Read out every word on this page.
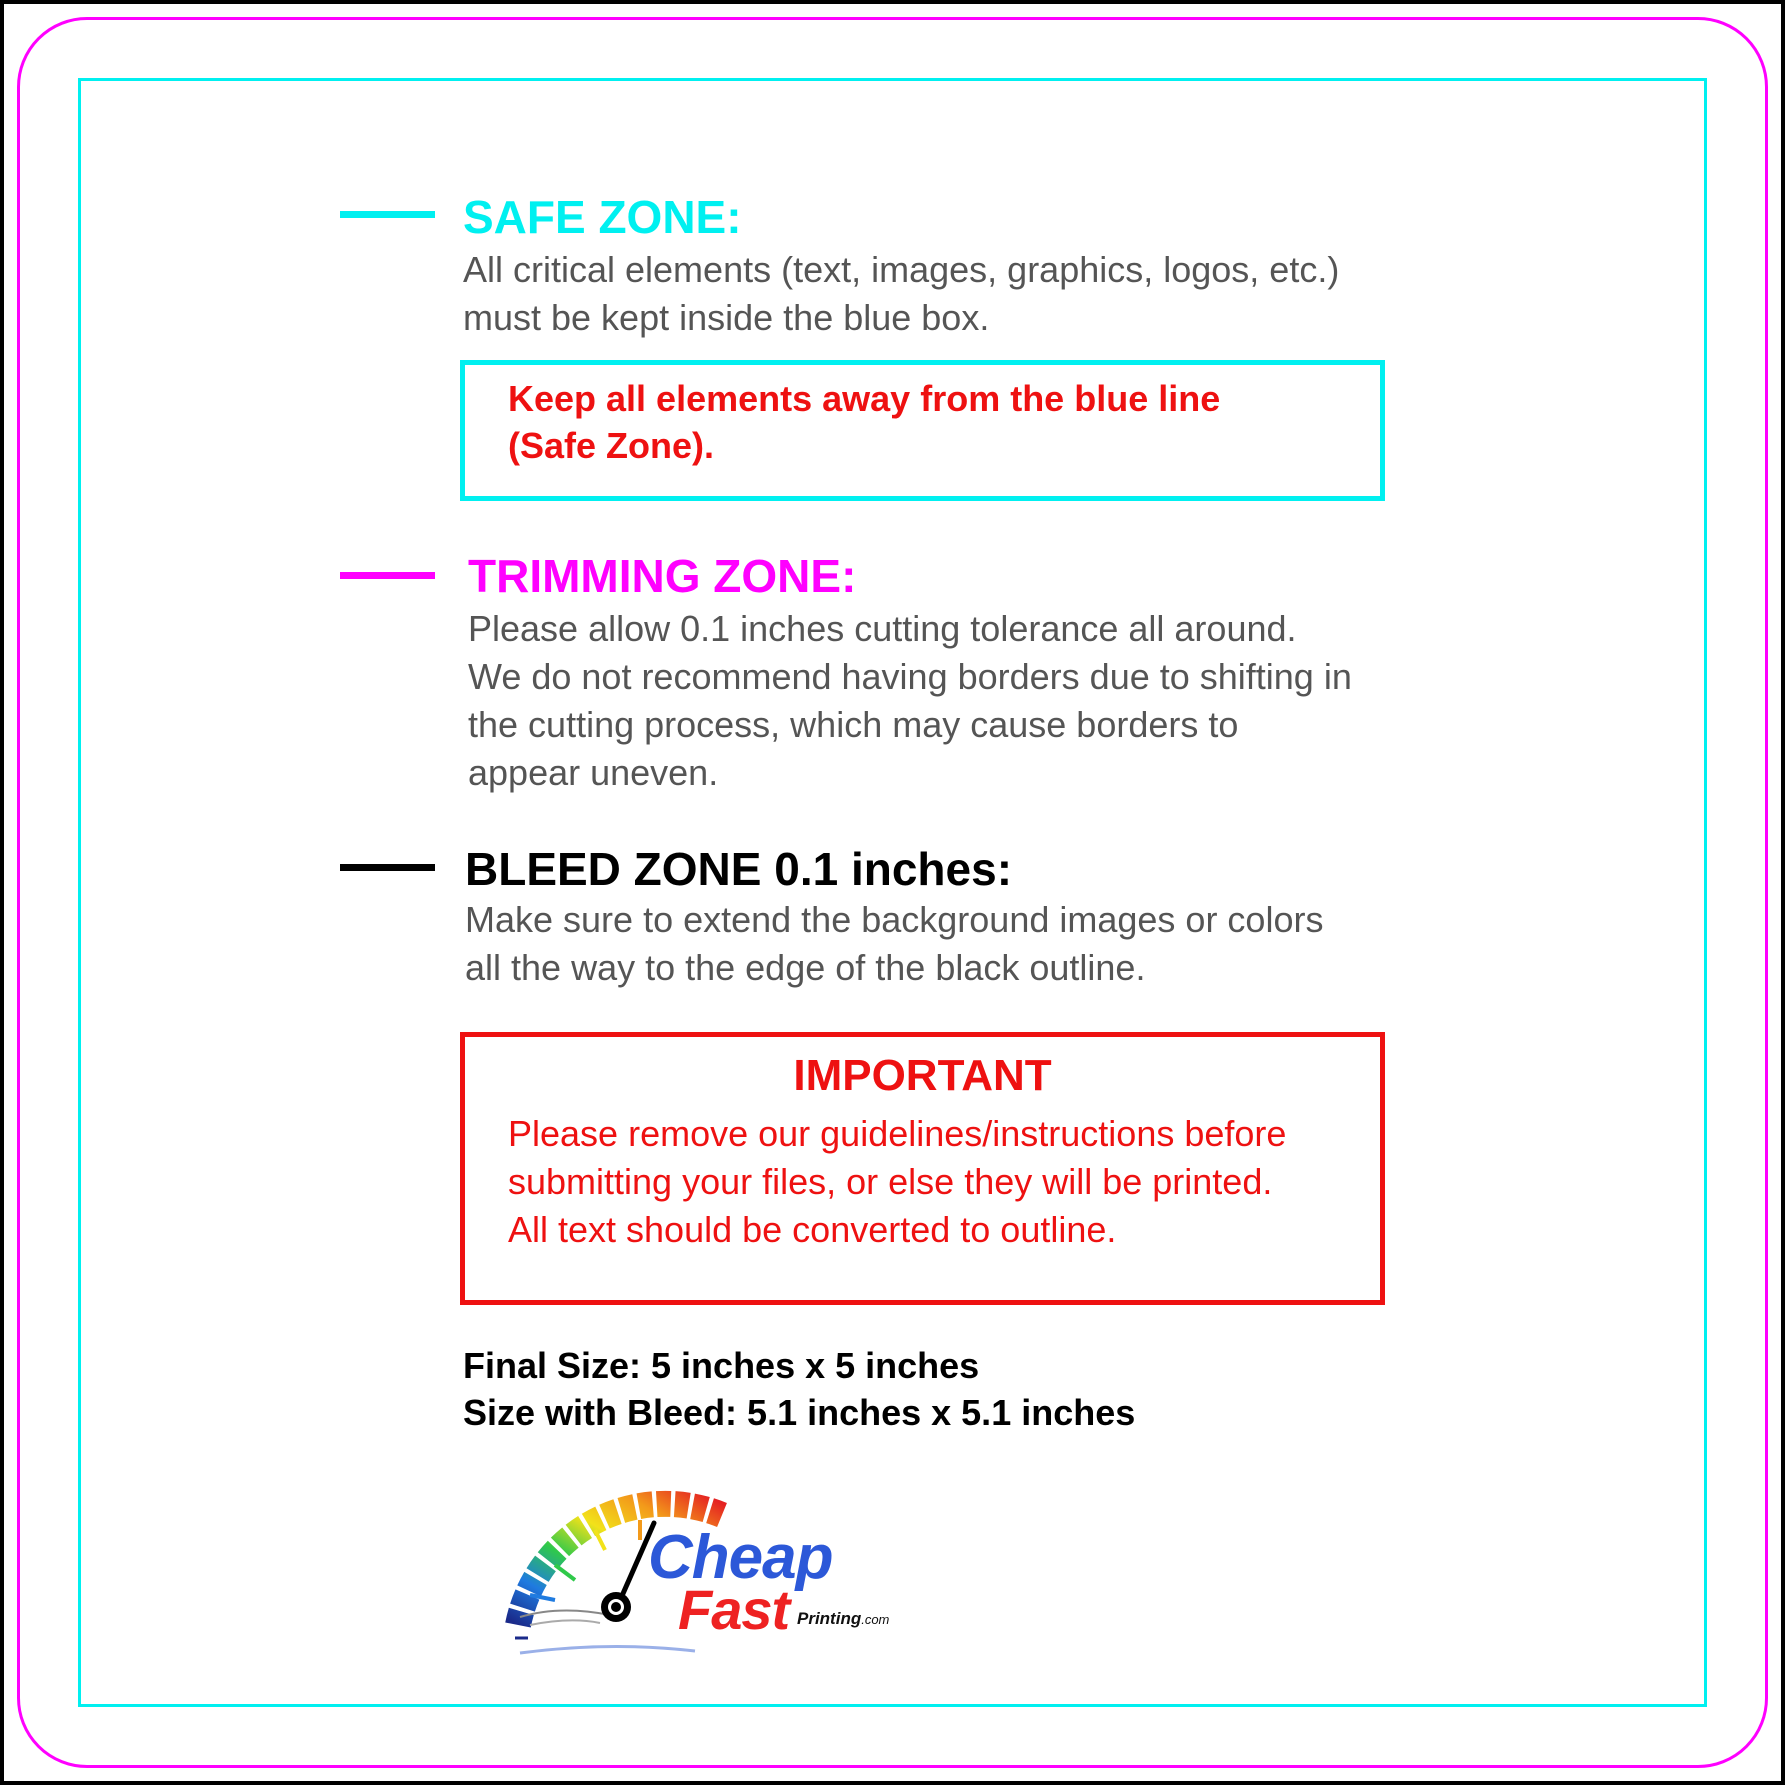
SAFE ZONE:
All critical elements (text, images, graphics, logos, etc.)
must be kept inside the blue box.
Keep all elements away from the blue line
(Safe Zone).
TRIMMING ZONE:
Please allow 0.1 inches cutting tolerance all around.
We do not recommend having borders due to shifting in
the cutting process, which may cause borders to
appear uneven.
BLEED ZONE 0.1 inches:
Make sure to extend the background images or colors
all the way to the edge of the black outline.
IMPORTANT
Please remove our guidelines/instructions before
submitting your files, or else they will be printed.
All text should be converted to outline.
Final Size: 5 inches x 5 inches
Size with Bleed: 5.1 inches x 5.1 inches
Cheap
Fast Printing.com
